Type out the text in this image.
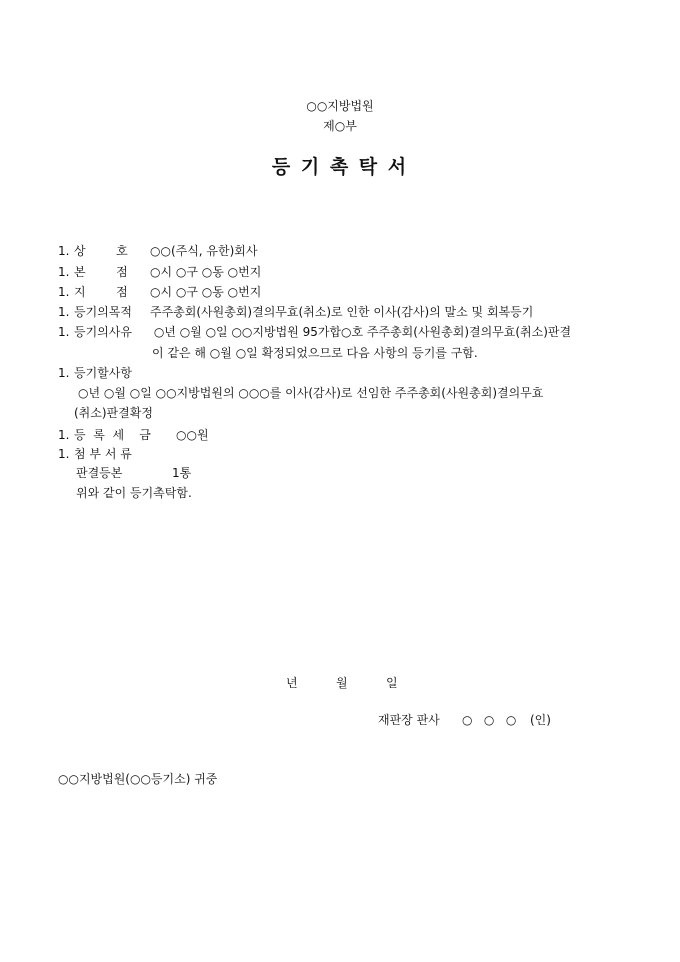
○○지방법원
제○부
등 기 촉 탁 서
1. 상        호 ○○(주식, 유한)회사
1. 본        점 ○시 ○구 ○동 ○번지
1. 지        점 ○시 ○구 ○동 ○번지
1. 등기의목적 주주총회(사원총회)결의무효(취소)로 인한 이사(감사)의 말소 및 회복등기
1. 등기의사유 ○년 ○월 ○일 ○○지방법원 95가합○호 주주총회(사원총회)결의무효(취소)판결
이 같은 해 ○월 ○일 확정되었으므로 다음 사항의 등기를 구함.
1. 등기할사항
○년 ○월 ○일 ○○지방법원의 ○○○를 이사(감사)로 선임한 주주총회(사원총회)결의무효
(취소)판결확정
1. 등  록  세    금 ○○원
1. 첨 부 서 류
판결등본	1통
위와 같이 등기촉탁함.
년	월	일
재판장 판사 ○   ○   ○ (인)
○○지방법원(○○등기소) 귀중
